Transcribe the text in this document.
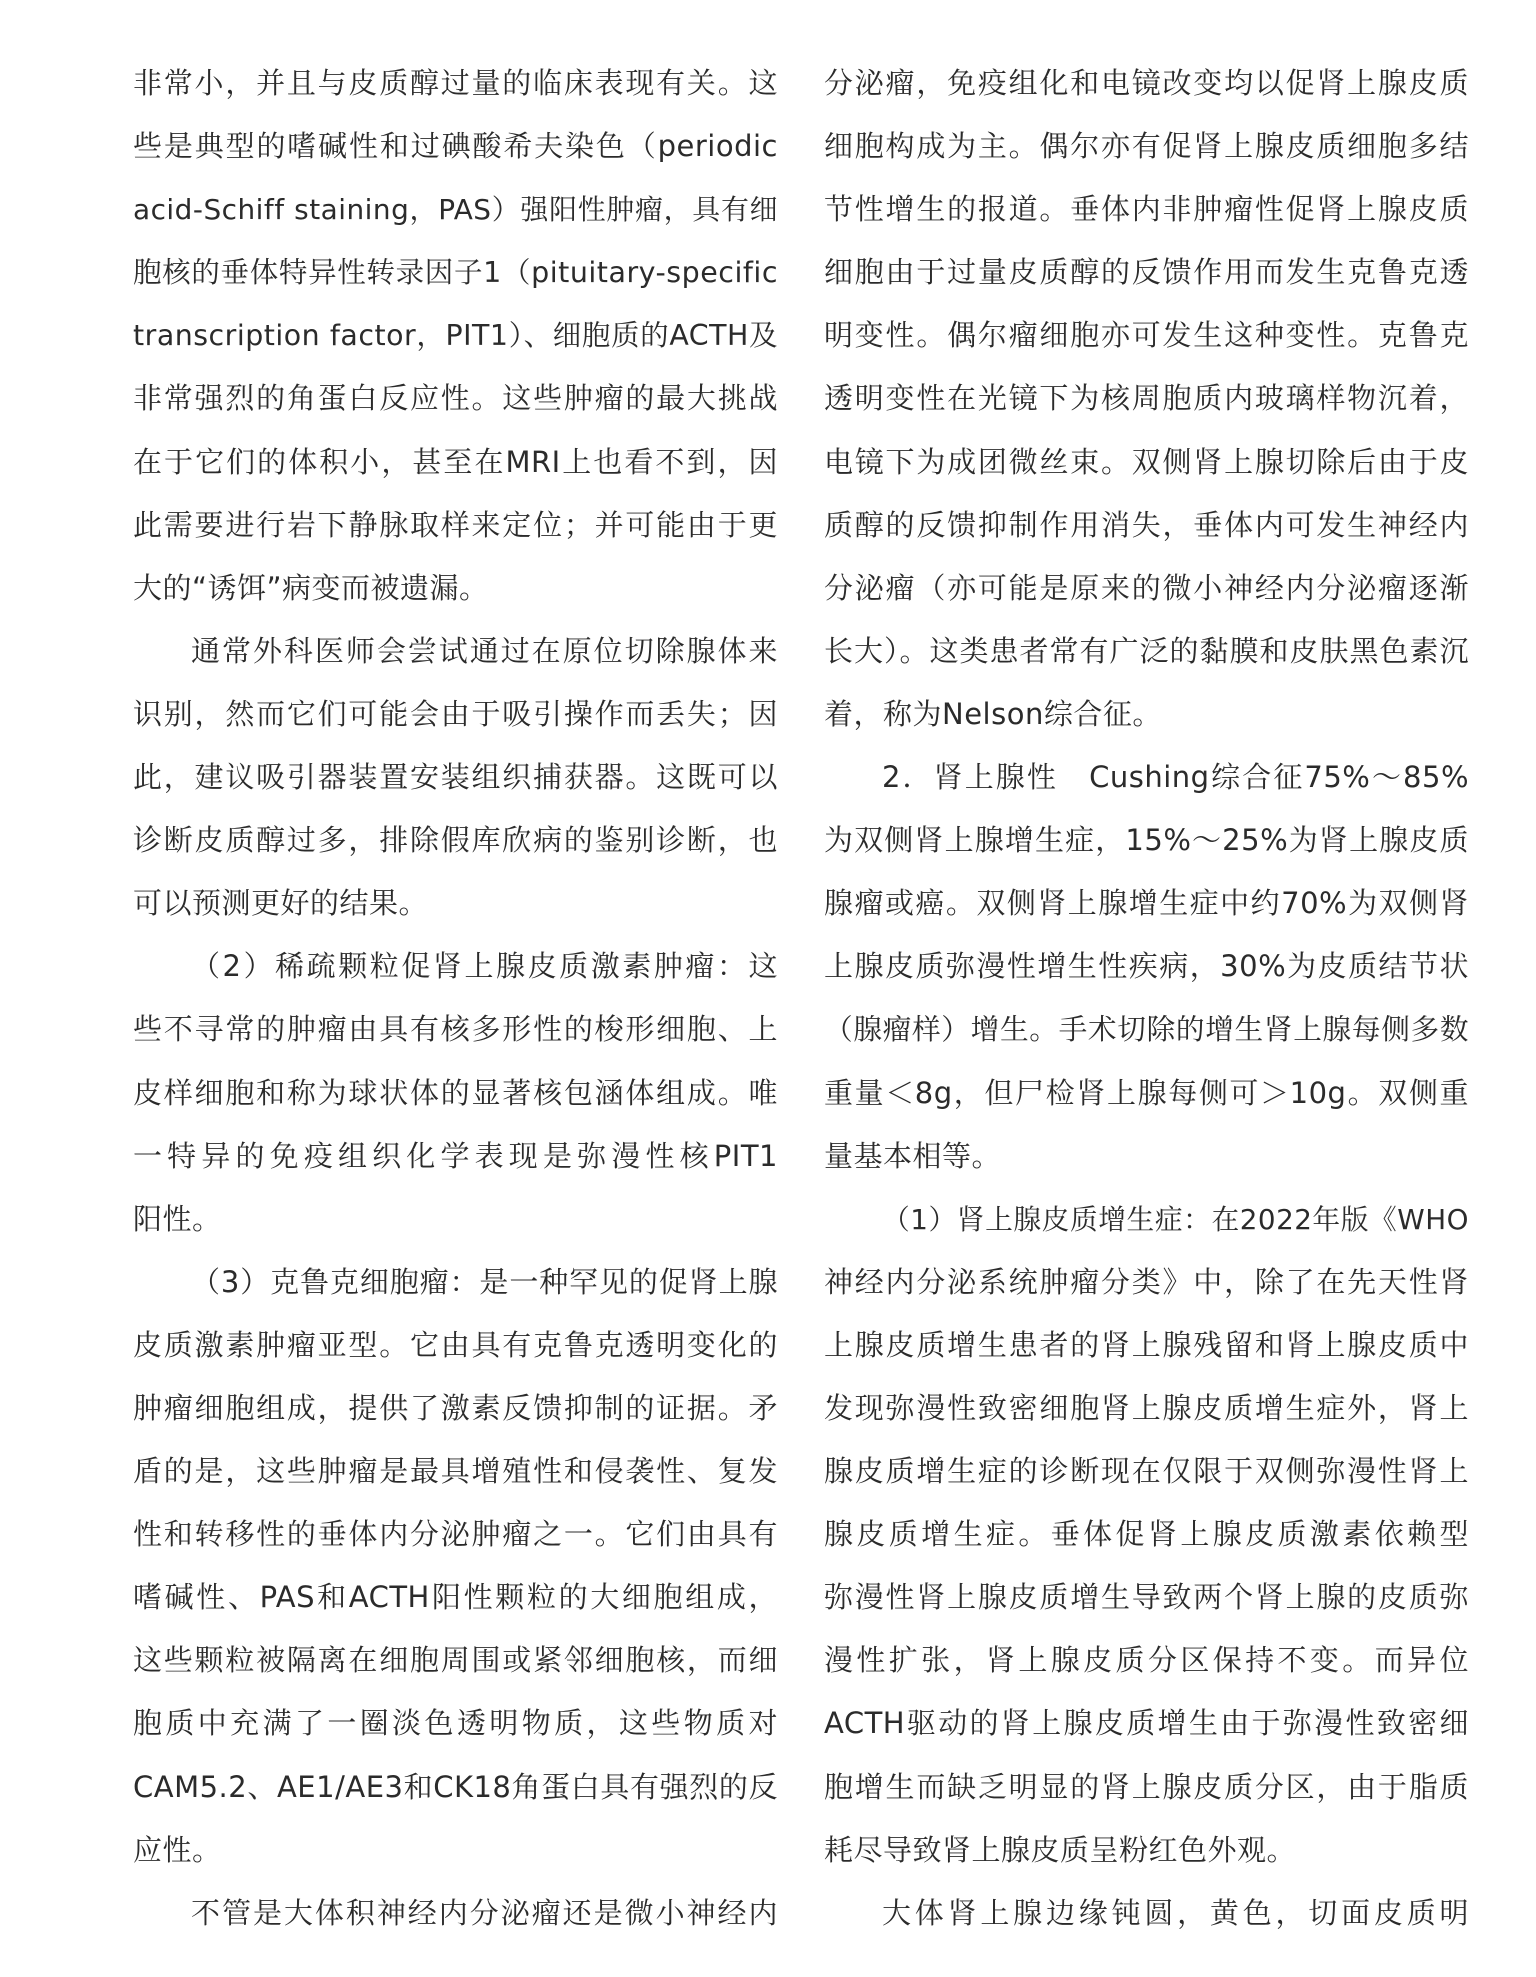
非常小，并且与皮质醇过量的临床表现有关。这
些是典型的嗜碱性和过碘酸希夫染色（periodic
acid-Schiff staining，PAS）强阳性肿瘤，具有细
胞核的垂体特异性转录因子1（pituitary-specific
transcription factor，PIT1）、细胞质的ACTH及
非常强烈的角蛋白反应性。这些肿瘤的最大挑战
在于它们的体积小，甚至在MRI上也看不到，因
此需要进行岩下静脉取样来定位；并可能由于更
大的“诱饵”病变而被遗漏。
通常外科医师会尝试通过在原位切除腺体来
识别，然而它们可能会由于吸引操作而丢失；因
此，建议吸引器装置安装组织捕获器。这既可以
诊断皮质醇过多，排除假库欣病的鉴别诊断，也
可以预测更好的结果。
（2）稀疏颗粒促肾上腺皮质激素肿瘤：这
些不寻常的肿瘤由具有核多形性的梭形细胞、上
皮样细胞和称为球状体的显著核包涵体组成。唯
一特异的免疫组织化学表现是弥漫性核PIT1
阳性。
（3）克鲁克细胞瘤：是一种罕见的促肾上腺
皮质激素肿瘤亚型。它由具有克鲁克透明变化的
肿瘤细胞组成，提供了激素反馈抑制的证据。矛
盾的是，这些肿瘤是最具增殖性和侵袭性、复发
性和转移性的垂体内分泌肿瘤之一。它们由具有
嗜碱性、PAS和ACTH阳性颗粒的大细胞组成，
这些颗粒被隔离在细胞周围或紧邻细胞核，而细
胞质中充满了一圈淡色透明物质，这些物质对
CAM5.2、AE1/AE3和CK18角蛋白具有强烈的反
应性。
不管是大体积神经内分泌瘤还是微小神经内
分泌瘤，免疫组化和电镜改变均以促肾上腺皮质
细胞构成为主。偶尔亦有促肾上腺皮质细胞多结
节性增生的报道。垂体内非肿瘤性促肾上腺皮质
细胞由于过量皮质醇的反馈作用而发生克鲁克透
明变性。偶尔瘤细胞亦可发生这种变性。克鲁克
透明变性在光镜下为核周胞质内玻璃样物沉着，
电镜下为成团微丝束。双侧肾上腺切除后由于皮
质醇的反馈抑制作用消失，垂体内可发生神经内
分泌瘤（亦可能是原来的微小神经内分泌瘤逐渐
长大）。这类患者常有广泛的黏膜和皮肤黑色素沉
着，称为Nelson综合征。
2．肾上腺性　Cushing综合征75%～85%
为双侧肾上腺增生症，15%～25%为肾上腺皮质
腺瘤或癌。双侧肾上腺增生症中约70%为双侧肾
上腺皮质弥漫性增生性疾病，30%为皮质结节状
（腺瘤样）增生。手术切除的增生肾上腺每侧多数
重量＜8g，但尸检肾上腺每侧可＞10g。双侧重
量基本相等。
（1）肾上腺皮质增生症：在2022年版《WHO
神经内分泌系统肿瘤分类》中，除了在先天性肾
上腺皮质增生患者的肾上腺残留和肾上腺皮质中
发现弥漫性致密细胞肾上腺皮质增生症外，肾上
腺皮质增生症的诊断现在仅限于双侧弥漫性肾上
腺皮质增生症。垂体促肾上腺皮质激素依赖型
弥漫性肾上腺皮质增生导致两个肾上腺的皮质弥
漫性扩张，肾上腺皮质分区保持不变。而异位
ACTH驱动的肾上腺皮质增生由于弥漫性致密细
胞增生而缺乏明显的肾上腺皮质分区，由于脂质
耗尽导致肾上腺皮质呈粉红色外观。
大体肾上腺边缘钝圆，黄色，切面皮质明
